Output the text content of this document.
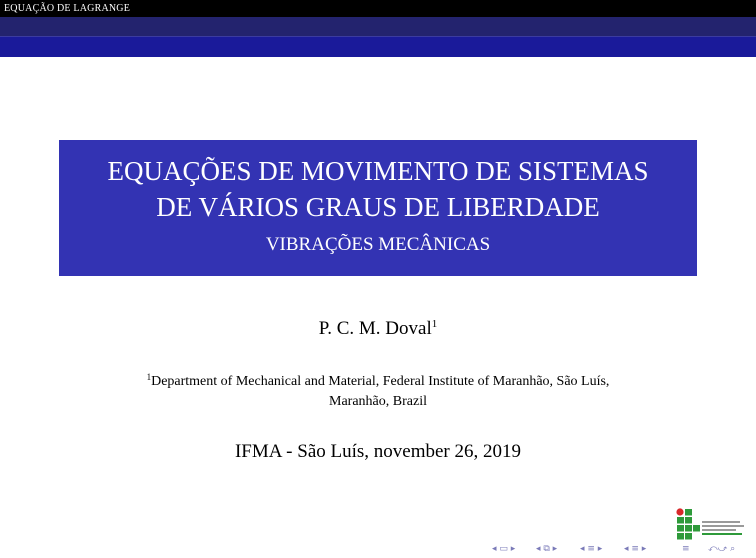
EQUAÇÃO DE LAGRANGE
EQUAÇÕES DE MOVIMENTO DE SISTEMAS
DE VÁRIOS GRAUS DE LIBERDADE
VIBRAÇÕES MECÂNICAS
P. C. M. Doval$^1$
$^1$Department of Mechanical and Material, Federal Institute of Maranhão, São Luís,
Maranhão, Brazil
IFMA - São Luís, november 26, 2019
◂ ▭ ▸ ◂ ⧉ ▸	◂ ≡ ▸ ◂ ≡ ▸	≡ ⤺⤻ ⌕
